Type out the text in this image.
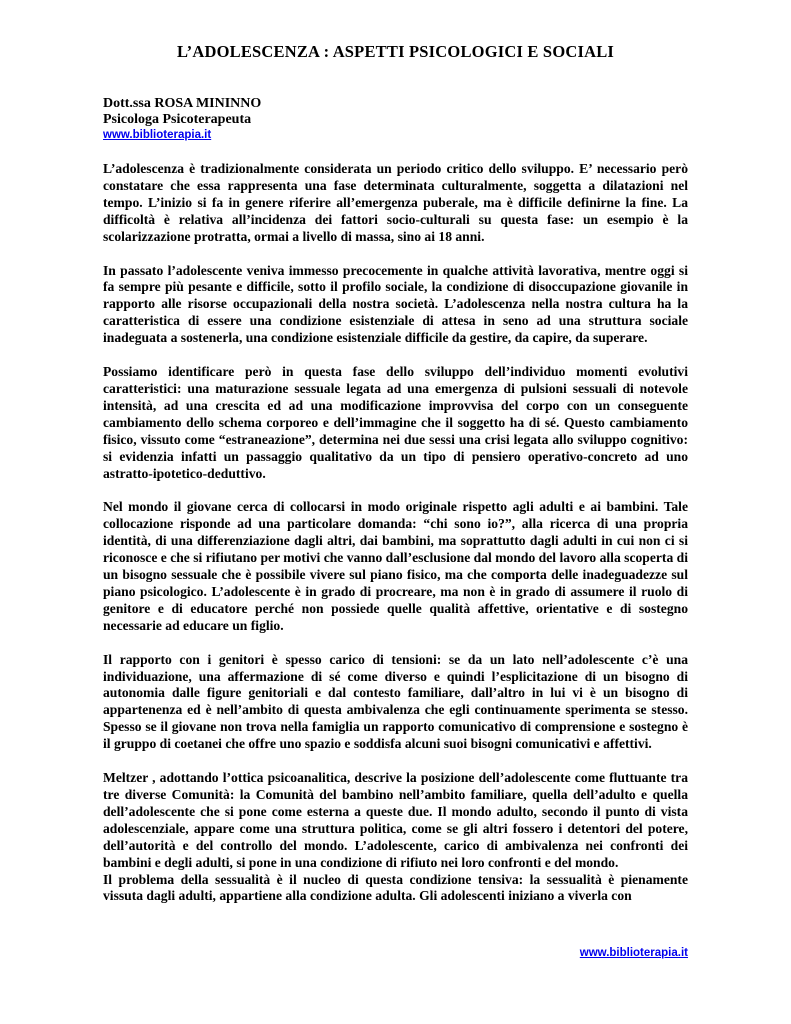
L’ADOLESCENZA : ASPETTI PSICOLOGICI E SOCIALI
Dott.ssa ROSA MININNO
Psicologa Psicoterapeuta
www.biblioterapia.it

L’adolescenza è tradizionalmente considerata un periodo critico dello sviluppo. E’ necessario però constatare che essa rappresenta una fase determinata culturalmente, soggetta a dilatazioni nel tempo. L’inizio si fa in genere riferire all’emergenza puberale, ma è difficile definirne la fine. La difficoltà è relativa all’incidenza dei fattori socio-culturali su questa fase: un esempio è la scolarizzazione protratta, ormai a livello di massa, sino ai 18 anni.

In passato l’adolescente veniva immesso precocemente in qualche attività lavorativa, mentre oggi si fa sempre più pesante e difficile, sotto il profilo sociale, la condizione di disoccupazione giovanile in rapporto alle risorse occupazionali della nostra società. L’adolescenza nella nostra cultura ha la caratteristica di essere una condizione esistenziale di attesa in seno ad una struttura sociale inadeguata a sostenerla, una condizione esistenziale difficile da gestire, da capire, da superare.

Possiamo identificare però in questa fase dello sviluppo dell’individuo momenti evolutivi caratteristici: una maturazione sessuale legata ad una emergenza di pulsioni sessuali di notevole intensità, ad una crescita ed ad una modificazione improvvisa del corpo con un conseguente cambiamento dello schema corporeo e dell’immagine che il soggetto ha di sé. Questo cambiamento fisico, vissuto come “estraneazione”, determina nei due sessi una crisi legata allo sviluppo cognitivo: si evidenzia infatti un passaggio qualitativo da un tipo di pensiero operativo-concreto ad uno astratto-ipotetico-deduttivo.

Nel mondo il giovane cerca di collocarsi in modo originale rispetto agli adulti e ai bambini. Tale collocazione risponde ad una particolare domanda: “chi sono io?”, alla ricerca di una propria identità, di una differenziazione dagli altri, dai bambini, ma soprattutto dagli adulti in cui non ci si riconosce e che si rifiutano per motivi che vanno dall’esclusione dal mondo del lavoro alla scoperta di un bisogno sessuale che è possibile vivere sul piano fisico, ma che comporta delle inadeguadezze sul piano psicologico. L’adolescente è in grado di procreare, ma non è in grado di assumere il ruolo di genitore e di educatore perché non possiede quelle qualità affettive, orientative e di sostegno necessarie ad educare un figlio.

Il rapporto con i genitori è spesso carico di tensioni: se da un lato nell’adolescente c’è una individuazione, una affermazione di sé come diverso e quindi l’esplicitazione di un bisogno di autonomia dalle figure genitoriali e dal contesto familiare, dall’altro in lui vi è un bisogno di appartenenza ed è nell’ambito di questa ambivalenza che egli continuamente sperimenta se stesso. Spesso se il giovane non trova nella famiglia un rapporto comunicativo di comprensione e sostegno è il gruppo di coetanei che offre uno spazio e soddisfa alcuni suoi bisogni comunicativi e affettivi.

Meltzer , adottando l’ottica psicoanalitica, descrive la posizione dell’adolescente come fluttuante tra tre diverse Comunità: la Comunità del bambino nell’ambito familiare, quella dell’adulto e quella dell’adolescente che si pone come esterna a queste due. Il mondo adulto, secondo il punto di vista adolescenziale, appare come una struttura politica, come se gli altri fossero i detentori del potere, dell’autorità e del controllo del mondo. L’adolescente, carico di ambivalenza nei confronti dei bambini e degli adulti, si pone in una condizione di rifiuto nei loro confronti e del mondo.

Il problema della sessualità è il nucleo di questa condizione tensiva: la sessualità è pienamente vissuta dagli adulti, appartiene alla condizione adulta. Gli adolescenti iniziano a viverla con

www.biblioterapia.it
